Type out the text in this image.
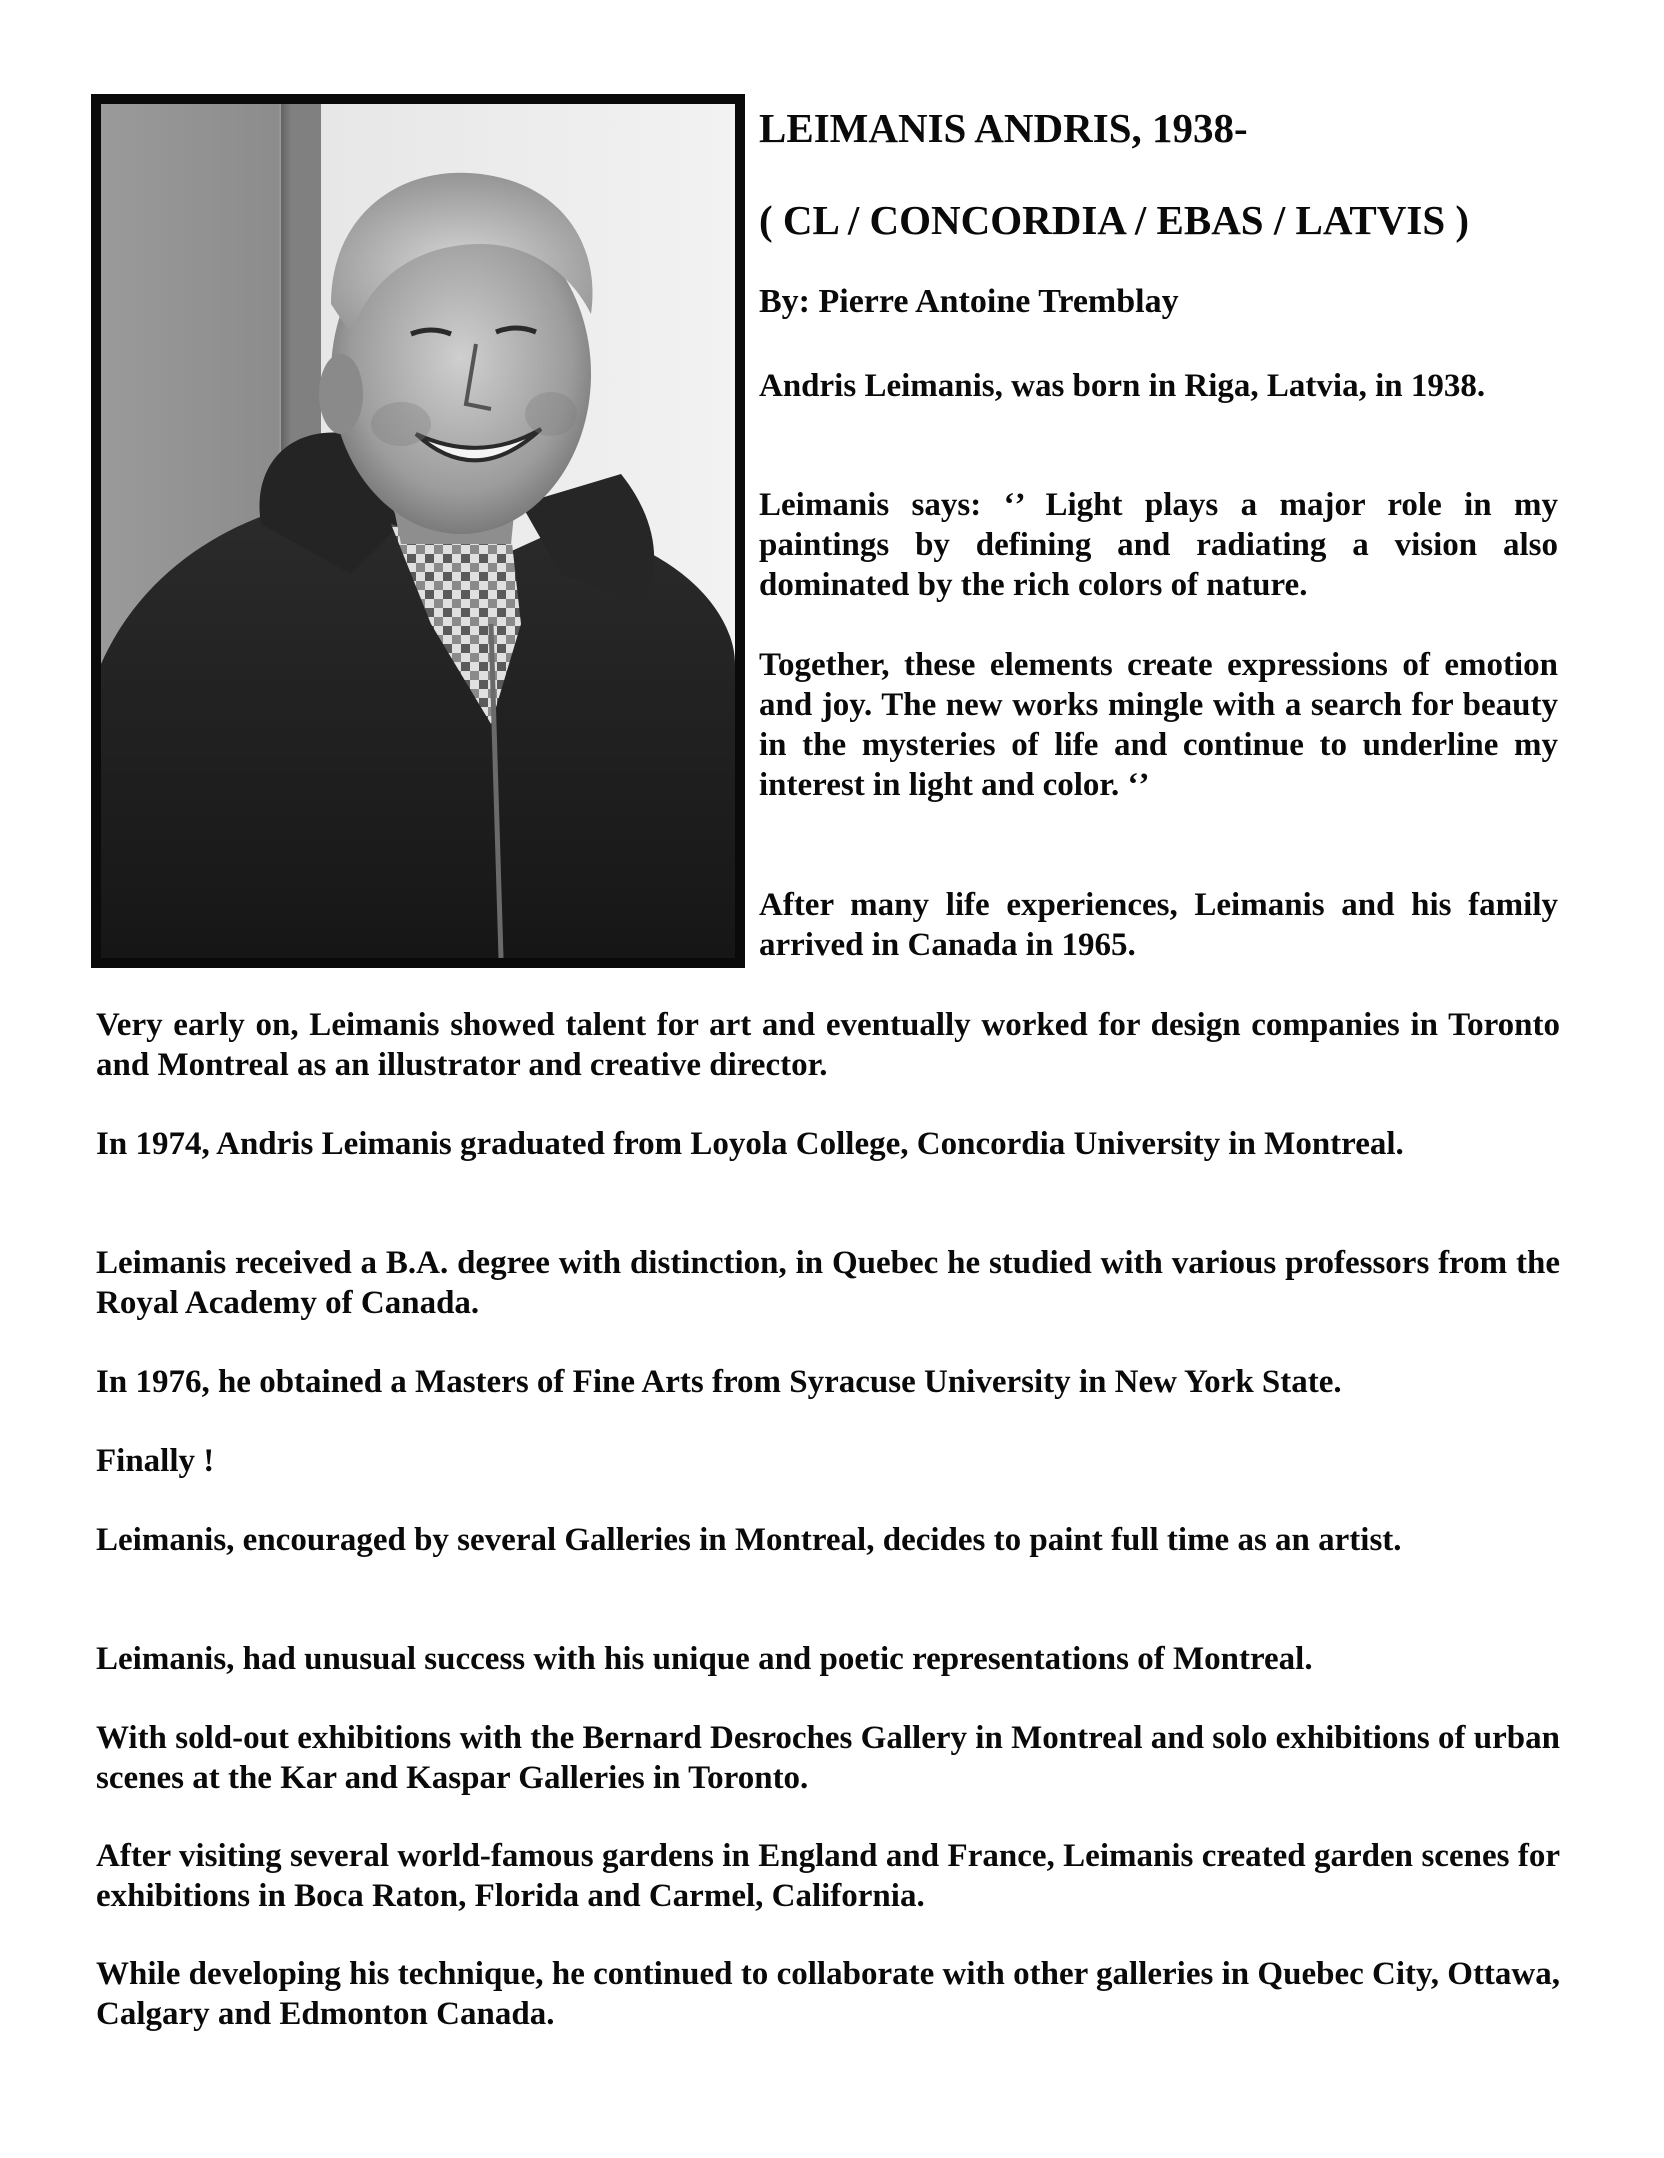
LEIMANIS ANDRIS, 1938-
( CL / CONCORDIA / EBAS / LATVIS )
By: Pierre Antoine Tremblay

Andris Leimanis, was born in Riga, Latvia, in 1938.

Leimanis says: ‘’ Light plays a major role in my paintings by defining and radiating a vision also dominated by the rich colors of nature.

Together, these elements create expressions of emotion and joy. The new works mingle with a search for beauty in the mysteries of life and continue to underline my interest in light and color. ‘’

After many life experiences, Leimanis and his family arrived in Canada in 1965.

Very early on, Leimanis showed talent for art and eventually worked for design companies in Toronto and Montreal as an illustrator and creative director.

In 1974, Andris Leimanis graduated from Loyola College, Concordia University in Montreal.

Leimanis received a B.A. degree with distinction, in Quebec he studied with various professors from the Royal Academy of Canada.

In 1976, he obtained a Masters of Fine Arts from Syracuse University in New York State.

Finally !

Leimanis, encouraged by several Galleries in Montreal, decides to paint full time as an artist.

Leimanis, had unusual success with his unique and poetic representations of Montreal.

With sold-out exhibitions with the Bernard Desroches Gallery in Montreal and solo exhibitions of urban scenes at the Kar and Kaspar Galleries in Toronto.

After visiting several world-famous gardens in England and France, Leimanis created garden scenes for exhibitions in Boca Raton, Florida and Carmel, California.

While developing his technique, he continued to collaborate with other galleries in Quebec City, Ottawa, Calgary and Edmonton Canada.
